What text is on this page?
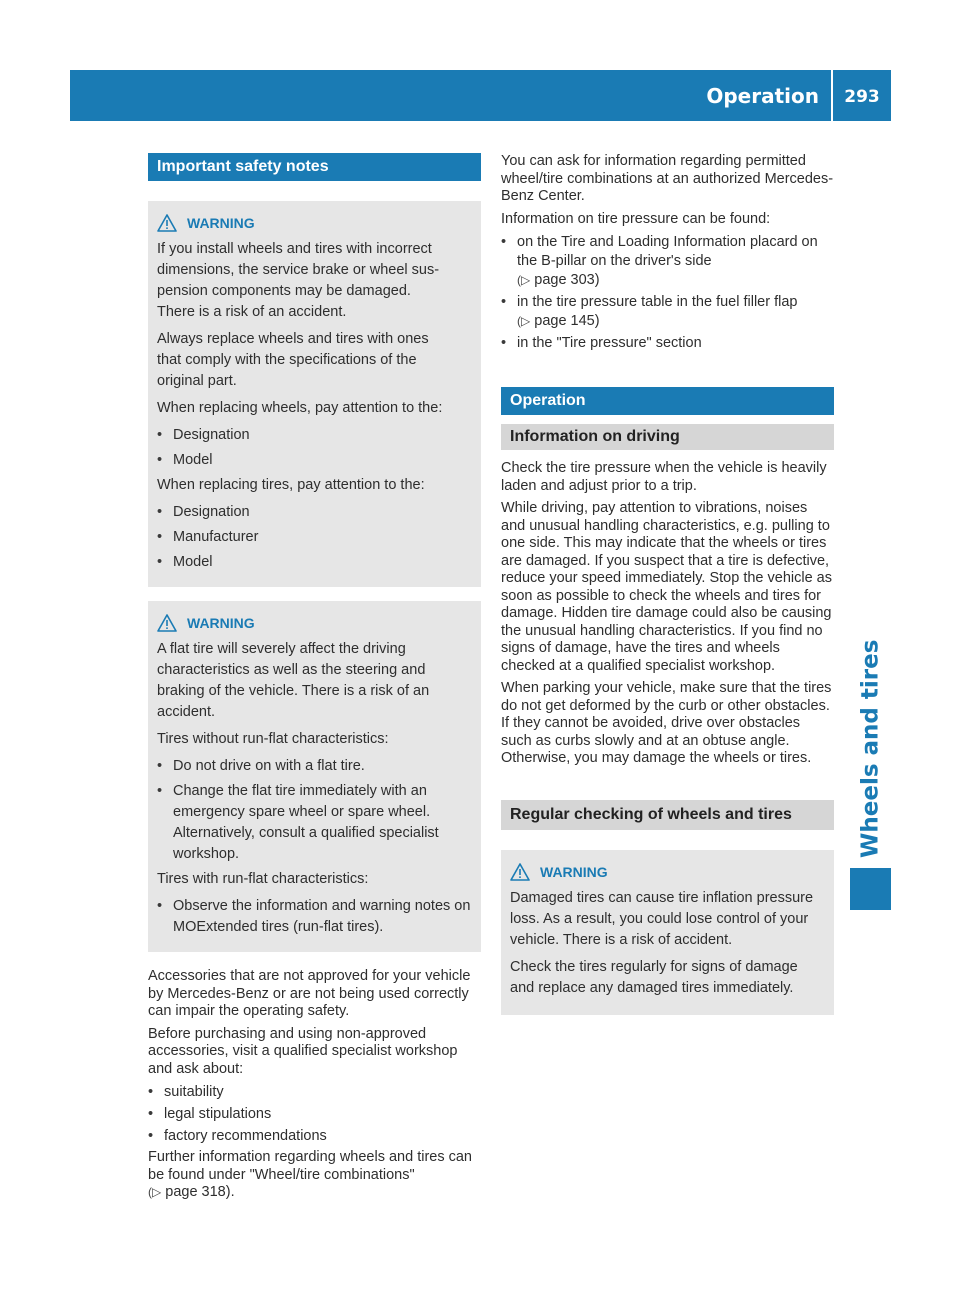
Operation	293
Wheels and tires
Important safety notes
WARNING

If you install wheels and tires with incorrect
dimensions, the service brake or wheel sus-
pension components may be damaged.
There is a risk of an accident.

Always replace wheels and tires with ones
that comply with the specifications of the
original part.

When replacing wheels, pay attention to the:

•
Designation
•
Model

When replacing tires, pay attention to the:

•
Designation
•
Manufacturer
•
Model
WARNING

A flat tire will severely affect the driving
characteristics as well as the steering and
braking of the vehicle. There is a risk of an
accident.

Tires without run-flat characteristics:

•
Do not drive on with a flat tire.
•
Change the flat tire immediately with an emergency spare wheel or spare wheel. Alternatively, consult a qualified specialist workshop.

Tires with run-flat characteristics:

•
Observe the information and warning notes on MOExtended tires (run-flat tires).

Accessories that are not approved for your vehicle by Mercedes-Benz or are not being used correctly can impair the operating safety.

Before purchasing and using non-approved accessories, visit a qualified specialist workshop and ask about:

•
suitability
•
legal stipulations
•
factory recommendations

Further information regarding wheels and tires can be found under "Wheel/tire combinations"
(▷ page 318).

You can ask for information regarding permitted wheel/tire combinations at an authorized Mercedes-Benz Center.

Information on tire pressure can be found:

•
on the Tire and Loading Information placard on the B-pillar on the driver's side
(▷ page 303)
•
in the tire pressure table in the fuel filler flap
(▷ page 145)
•
in the "Tire pressure" section
Operation
Information on driving

Check the tire pressure when the vehicle is heavily laden and adjust prior to a trip.

While driving, pay attention to vibrations, noises and unusual handling characteristics, e.g. pulling to one side. This may indicate that the wheels or tires are damaged. If you suspect that a tire is defective, reduce your speed immediately. Stop the vehicle as soon as possible to check the wheels and tires for damage. Hidden tire damage could also be causing the unusual handling characteristics. If you find no signs of damage, have the tires and wheels checked at a qualified specialist workshop.

When parking your vehicle, make sure that the tires do not get deformed by the curb or other obstacles. If they cannot be avoided, drive over obstacles such as curbs slowly and at an obtuse angle. Otherwise, you may damage the wheels or tires.

Regular checking of wheels and tires
WARNING

Damaged tires can cause tire inflation pressure loss. As a result, you could lose control of your vehicle. There is a risk of accident.

Check the tires regularly for signs of damage and replace any damaged tires immediately.
